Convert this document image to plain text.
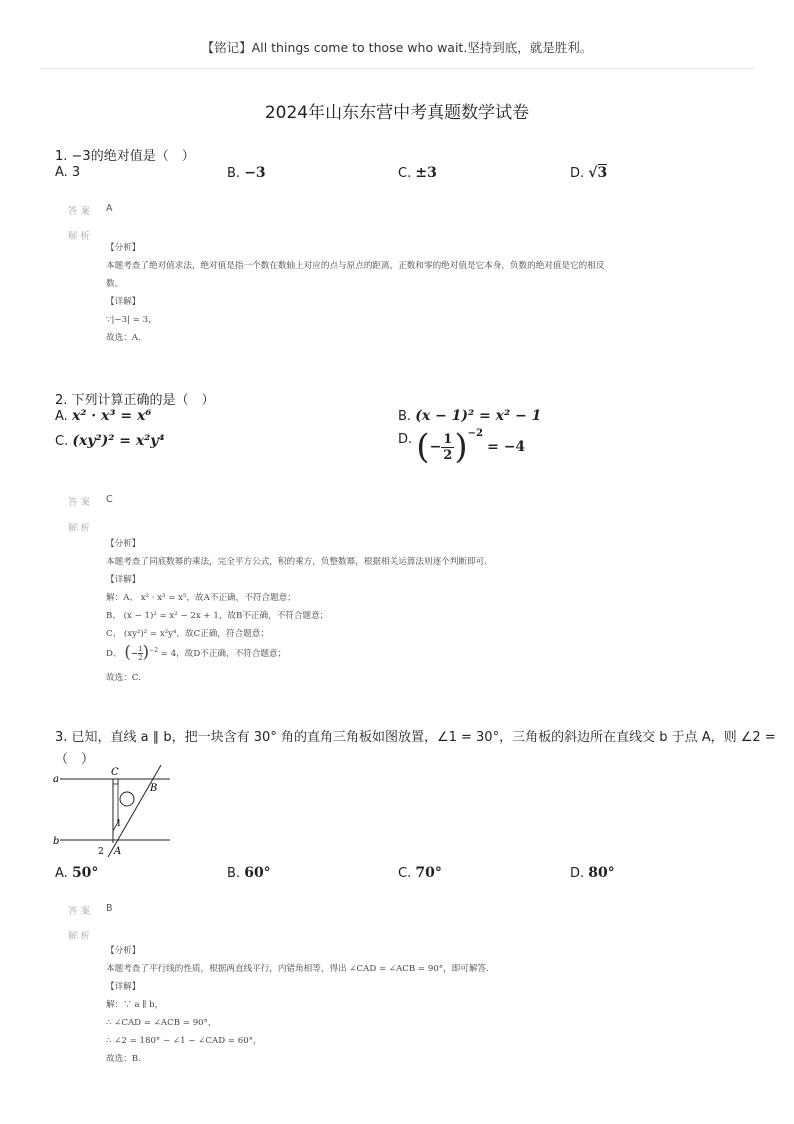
【铭记】All things come to those who wait.坚持到底，就是胜利。
2024年山东东营中考真题数学试卷
1. −3的绝对值是（　）
A. 3	B. −3	C. ±3	D. √3
答案 A
解析
【分析】
本题考查了绝对值求法，绝对值是指一个数在数轴上对应的点与原点的距离，正数和零的绝对值是它本身，负数的绝对值是它的相反
数。
【详解】
∵|−3| = 3，
故选：A.
2. 下列计算正确的是（　）
A. x² · x³ = x⁶	B. (x − 1)² = x² − 1
C. (xy²)² = x²y⁴	D. (− $\frac{1}{2} )^{-2} = -4$
答案 C
解析
【分析】
本题考查了同底数幂的乘法，完全平方公式，积的乘方，负整数幂，根据相关运算法则逐个判断即可.
【详解】
解：A、 x² · x³ = x⁵，故A不正确，不符合题意；
B、 (x − 1)² = x² − 2x + 1，故B不正确，不符合题意；
C、 (xy²)² = x²y⁴，故C正确，符合题意；
D、 (− $\frac{1}{2} )^{-2} = 4$，故D不正确，不符合题意；
故选：C.
3. 已知，直线 a ∥ b，把一块含有 30° 角的直角三角板如图放置，∠1 = 30°，三角板的斜边所在直线交 b 于点 A，则 ∠2 =
（　）
a
b
C
B
A
1
2
A. 50°	B. 60°	C. 70°	D. 80°
答案 B
解析
【分析】
本题考查了平行线的性质，根据两直线平行，内错角相等，得出 ∠CAD = ∠ACB = 90°，即可解答.
【详解】
解：∵ a ∥ b，
∴ ∠CAD = ∠ACB = 90°，
∴ ∠2 = 180° − ∠1 − ∠CAD = 60°，
故选：B.
